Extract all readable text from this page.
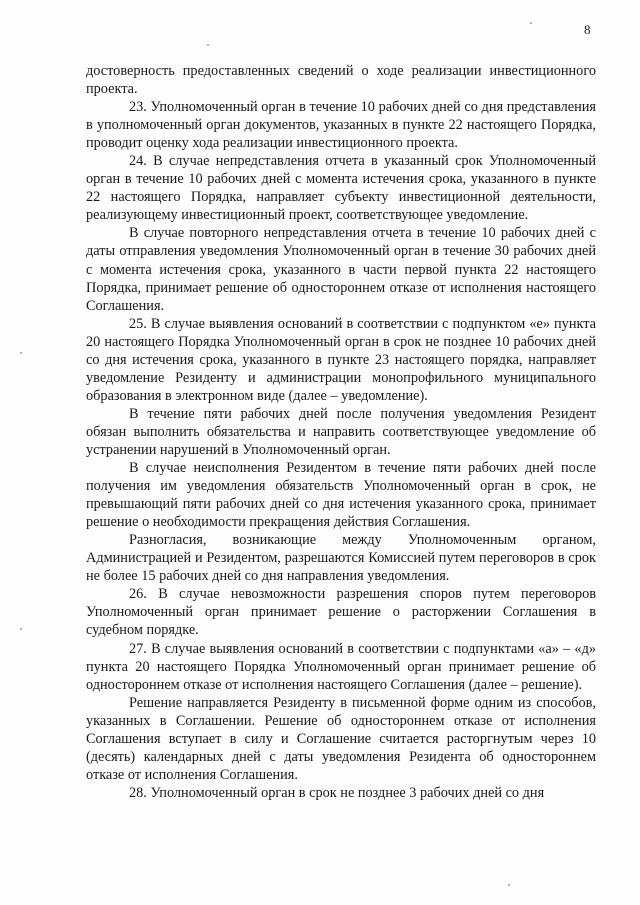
8

достоверность предоставленных сведений о ходе реализации инвестиционного проекта.

23. Уполномоченный орган в течение 10 рабочих дней со дня представления в уполномоченный орган документов, указанных в пункте 22 настоящего Порядка, проводит оценку хода реализации инвестиционного проекта.

24. В случае непредставления отчета в указанный срок Уполномоченный орган в течение 10 рабочих дней с момента истечения срока, указанного в пункте 22 настоящего Порядка, направляет субъекту инвестиционной деятельности, реализующему инвестиционный проект, соответствующее уведомление.

В случае повторного непредставления отчета в течение 10 рабочих дней с даты отправления уведомления Уполномоченный орган в течение 30 рабочих дней с момента истечения срока, указанного в части первой пункта 22 настоящего Порядка, принимает решение об одностороннем отказе от исполнения настоящего Соглашения.

25. В случае выявления оснований в соответствии с подпунктом «е» пункта 20 настоящего Порядка Уполномоченный орган в срок не позднее 10 рабочих дней со дня истечения срока, указанного в пункте 23 настоящего порядка, направляет уведомление Резиденту и администрации монопрофильного муниципального образования в электронном виде (далее – уведомление).

В течение пяти рабочих дней после получения уведомления Резидент обязан выполнить обязательства и направить соответствующее уведомление об устранении нарушений в Уполномоченный орган.

В случае неисполнения Резидентом в течение пяти рабочих дней после получения им уведомления обязательств Уполномоченный орган в срок, не превышающий пяти рабочих дней со дня истечения указанного срока, принимает решение о необходимости прекращения действия Соглашения.

Разногласия, возникающие между Уполномоченным органом, Администрацией и Резидентом, разрешаются Комиссией путем переговоров в срок не более 15 рабочих дней со дня направления уведомления.

26. В случае невозможности разрешения споров путем переговоров Уполномоченный орган принимает решение о расторжении Соглашения в судебном порядке.

27. В случае выявления оснований в соответствии с подпунктами «а» – «д» пункта 20 настоящего Порядка Уполномоченный орган принимает решение об одностороннем отказе от исполнения настоящего Соглашения (далее – решение).

Решение направляется Резиденту в письменной форме одним из способов, указанных в Соглашении. Решение об одностороннем отказе от исполнения Соглашения вступает в силу и Соглашение считается расторгнутым через 10 (десять) календарных дней с даты уведомления Резидента об одностороннем отказе от исполнения Соглашения.

28. Уполномоченный орган в срок не позднее 3 рабочих дней со дня
